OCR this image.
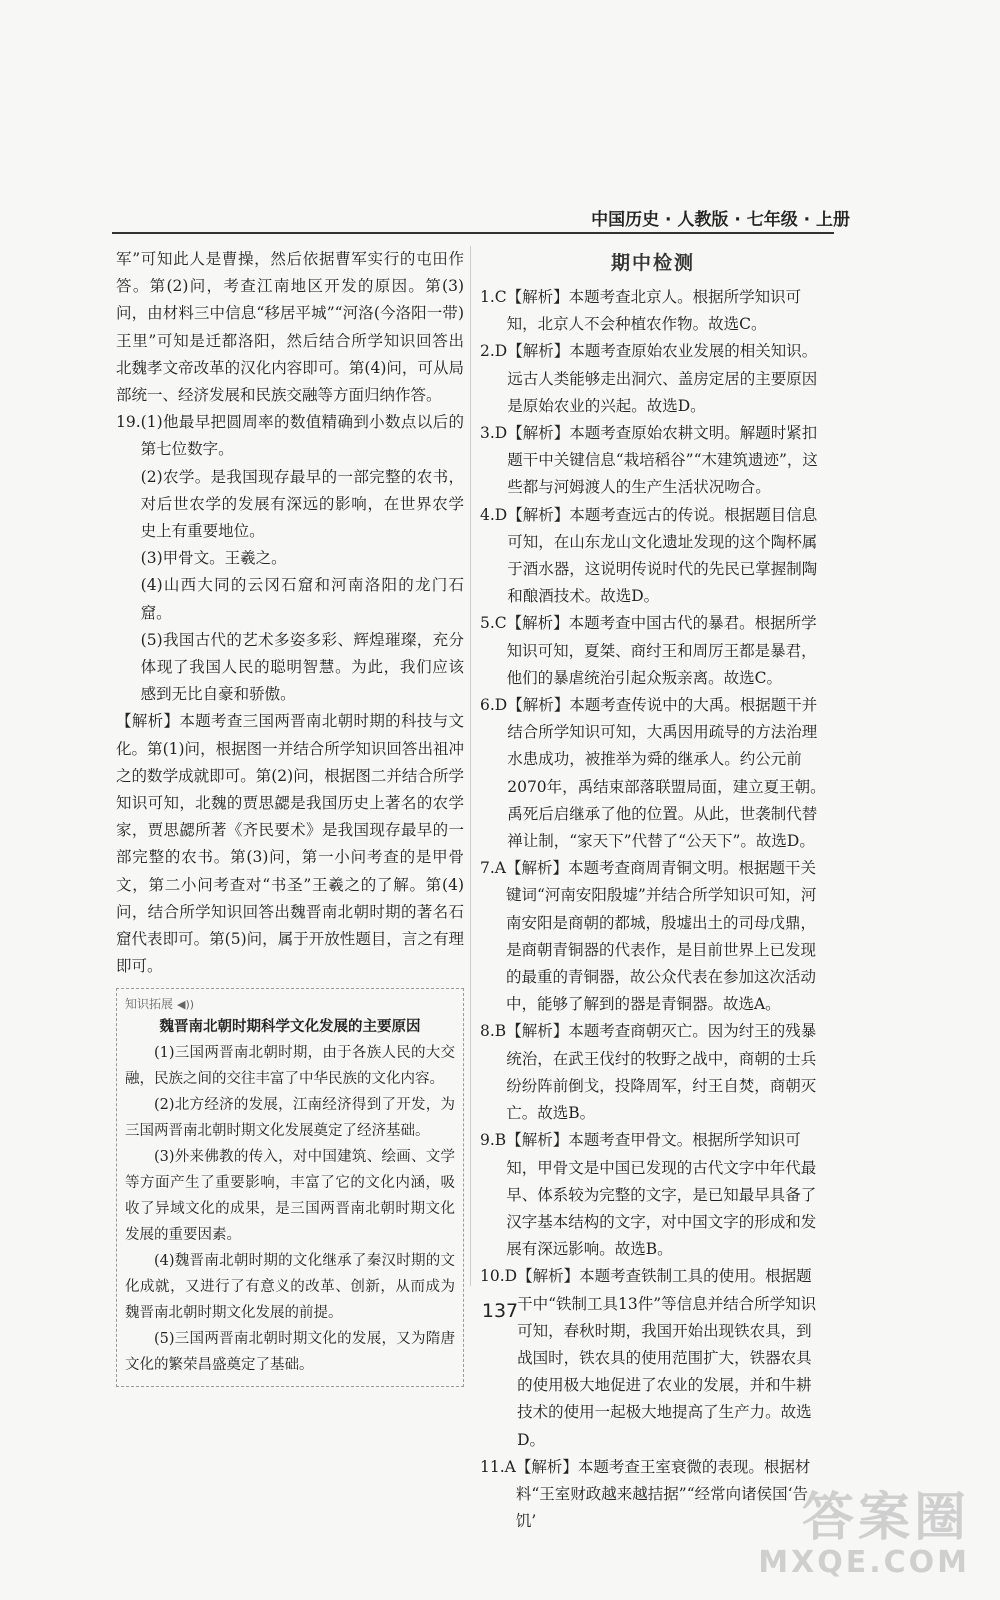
中国历史 · 人教版 · 七年级 · 上册

军”可知此人是曹操，然后依据曹军实行的屯田作答。第(2)问，考查江南地区开发的原因。第(3)问，由材料三中信息“移居平城”“河洛(今洛阳一带)王里”可知是迁都洛阳，然后结合所学知识回答出北魏孝文帝改革的汉化内容即可。第(4)问，可从局部统一、经济发展和民族交融等方面归纳作答。

19. (1)他最早把圆周率的数值精确到小数点以后的第七位数字。

(2)农学。是我国现存最早的一部完整的农书，对后世农学的发展有深远的影响，在世界农学史上有重要地位。

(3)甲骨文。王羲之。

(4)山西大同的云冈石窟和河南洛阳的龙门石窟。

(5)我国古代的艺术多姿多彩、辉煌璀璨，充分体现了我国人民的聪明智慧。为此，我们应该感到无比自豪和骄傲。

【解析】本题考查三国两晋南北朝时期的科技与文化。第(1)问，根据图一并结合所学知识回答出祖冲之的数学成就即可。第(2)问，根据图二并结合所学知识可知，北魏的贾思勰是我国历史上著名的农学家，贾思勰所著《齐民要术》是我国现存最早的一部完整的农书。第(3)问，第一小问考查的是甲骨文，第二小问考查对“书圣”王羲之的了解。第(4)问，结合所学知识回答出魏晋南北朝时期的著名石窟代表即可。第(5)问，属于开放性题目，言之有理即可。

知识拓展 ◀︎))
魏晋南北朝时期科学文化发展的主要原因

(1)三国两晋南北朝时期，由于各族人民的大交融，民族之间的交往丰富了中华民族的文化内容。

(2)北方经济的发展，江南经济得到了开发，为三国两晋南北朝时期文化发展奠定了经济基础。

(3)外来佛教的传入，对中国建筑、绘画、文学等方面产生了重要影响，丰富了它的文化内涵，吸收了异域文化的成果，是三国两晋南北朝时期文化发展的重要因素。

(4)魏晋南北朝时期的文化继承了秦汉时期的文化成就，又进行了有意义的改革、创新，从而成为魏晋南北朝时期文化发展的前提。

(5)三国两晋南北朝时期文化的发展，又为隋唐文化的繁荣昌盛奠定了基础。

期中检测
1.C 【解析】本题考查北京人。根据所学知识可知，北京人不会种植农作物。故选C。
2.D 【解析】本题考查原始农业发展的相关知识。远古人类能够走出洞穴、盖房定居的主要原因是原始农业的兴起。故选D。
3.D 【解析】本题考查原始农耕文明。解题时紧扣题干中关键信息“栽培稻谷”“木建筑遗迹”，这些都与河姆渡人的生产生活状况吻合。
4.D 【解析】本题考查远古的传说。根据题目信息可知，在山东龙山文化遗址发现的这个陶杯属于酒水器，这说明传说时代的先民已掌握制陶和酿酒技术。故选D。
5.C 【解析】本题考查中国古代的暴君。根据所学知识可知，夏桀、商纣王和周厉王都是暴君，他们的暴虐统治引起众叛亲离。故选C。
6.D 【解析】本题考查传说中的大禹。根据题干并结合所学知识可知，大禹因用疏导的方法治理水患成功，被推举为舜的继承人。约公元前2070年，禹结束部落联盟局面，建立夏王朝。禹死后启继承了他的位置。从此，世袭制代替禅让制，“家天下”代替了“公天下”。故选D。
7.A 【解析】本题考查商周青铜文明。根据题干关键词“河南安阳殷墟”并结合所学知识可知，河南安阳是商朝的都城，殷墟出土的司母戊鼎，是商朝青铜器的代表作，是目前世界上已发现的最重的青铜器，故公众代表在参加这次活动中，能够了解到的器是青铜器。故选A。
8.B 【解析】本题考查商朝灭亡。因为纣王的残暴统治，在武王伐纣的牧野之战中，商朝的士兵纷纷阵前倒戈，投降周军，纣王自焚，商朝灭亡。故选B。
9.B 【解析】本题考查甲骨文。根据所学知识可知，甲骨文是中国已发现的古代文字中年代最早、体系较为完整的文字，是已知最早具备了汉字基本结构的文字，对中国文字的形成和发展有深远影响。故选B。
10.D 【解析】本题考查铁制工具的使用。根据题干中“铁制工具13件”等信息并结合所学知识可知，春秋时期，我国开始出现铁农具，到战国时，铁农具的使用范围扩大，铁器农具的使用极大地促进了农业的发展，并和牛耕技术的使用一起极大地提高了生产力。故选D。
11.A 【解析】本题考查王室衰微的表现。根据材料“王室财政越来越拮据”“经常向诸侯国‘告饥’
137
答案圈
MXQE.COM
